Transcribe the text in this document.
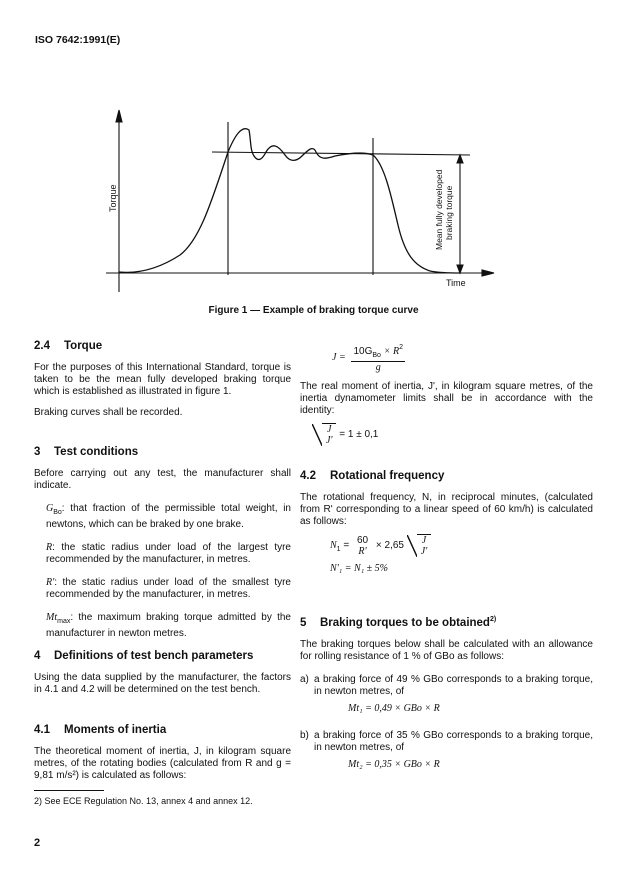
ISO 7642:1991(E)
Torque
Time
Mean fully developed braking torque
Figure 1 — Example of braking torque curve
2.4 Torque

For the purposes of this International Standard, torque is taken to be the mean fully developed braking torque which is established as illustrated in figure 1.

Braking curves shall be recorded.

3 Test conditions

Before carrying out any test, the manufacturer shall indicate.

$G_{Bo}$: that fraction of the permissible total weight, in newtons, which can be braked by one brake.

R: the static radius under load of the largest tyre recommended by the manufacturer, in metres.

R': the static radius under load of the smallest tyre recommended by the manufacturer, in metres.

$Mt_{max}$: the maximum braking torque admitted by the manufacturer in newton metres.

4 Definitions of test bench parameters

Using the data supplied by the manufacturer, the factors in 4.1 and 4.2 will be determined on the test bench.

4.1 Moments of inertia

The theoretical moment of inertia, J, in kilogram square metres, of the rotating bodies (calculated from R and g = 9,81 m/s²) is calculated as follows:

2) See ECE Regulation No. 13, annex 4 and annex 12.
2
$J = \frac{10G_{Bo} \times R^2}{g}$

The real moment of inertia, J', in kilogram square metres, of the inertia dynamometer limits shall be in accordance with the identity:

J
J'
= 1 ± 0,1
4.2 Rotational frequency

The rotational frequency, N, in reciprocal minutes, (calculated from R' corresponding to a linear speed of 60 km/h) is calculated as follows:

$N_1$ =
60
R' × 2,65 J
J'
N'₁ = N₁ ± 5%
5 Braking torques to be obtained$^{2)}$

The braking torques below shall be calculated with an allowance for rolling resistance of 1 % of GBo as follows:

a) a braking force of 49 % GBo corresponds to a braking torque, in newton metres, of
Mt₁ = 0,49 × GBo × R
b) a braking force of 35 % GBo corresponds to a braking torque, in newton metres, of
Mt₂ = 0,35 × GBo × R
